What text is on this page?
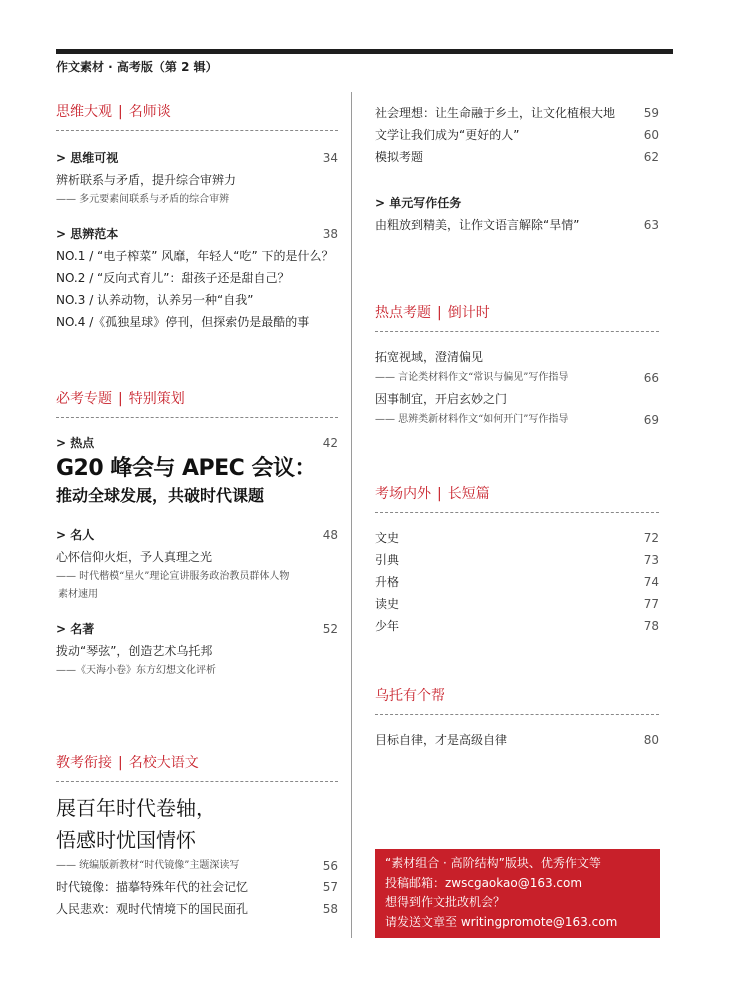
作文素材 · 高考版（第 2 辑）
思维大观 | 名师谈
> 思维可视	34
辨析联系与矛盾，提升综合审辨力
—— 多元要素间联系与矛盾的综合审辨
> 思辨范本	38
NO.1 / “电子榨菜” 风靡，年轻人“吃” 下的是什么？
NO.2 / “反向式育儿”：甜孩子还是甜自己？
NO.3 / 认养动物，认养另一种“自我”
NO.4 /《孤独星球》停刊，但探索仍是最酷的事
必考专题 | 特别策划
> 热点	42
G20 峰会与 APEC 会议：
推动全球发展，共破时代课题
> 名人	48
心怀信仰火炬，予人真理之光
—— 时代楷模“星火”理论宣讲服务政治教员群体人物
素材速用
> 名著	52
拨动“琴弦”，创造艺术乌托邦
——《天海小卷》东方幻想文化评析
教考衔接 | 名校大语文
展百年时代卷轴，
悟感时忧国情怀
—— 统编版新教材“时代镜像”主题深读写	56
时代镜像：描摹特殊年代的社会记忆	57
人民悲欢：观时代情境下的国民面孔	58
社会理想：让生命融于乡土，让文化植根大地 59
文学让我们成为“更好的人”	60
模拟考题	62
> 单元写作任务
由粗放到精美，让作文语言解除“旱情”	63
热点考题 | 倒计时
拓宽视域，澄清偏见
—— 言论类材料作文“常识与偏见”写作指导	66
因事制宜，开启玄妙之门
—— 思辨类新材料作文“如何开门”写作指导	69
考场内外 | 长短篇
文史	72
引典	73
升格	74
读史	77
少年	78
乌托有个帮
目标自律，才是高级自律	80
“素材组合 · 高阶结构”版块、优秀作文等
投稿邮箱：zwscgaokao@163.com
想得到作文批改机会？
请发送文章至 writingpromote@163.com
